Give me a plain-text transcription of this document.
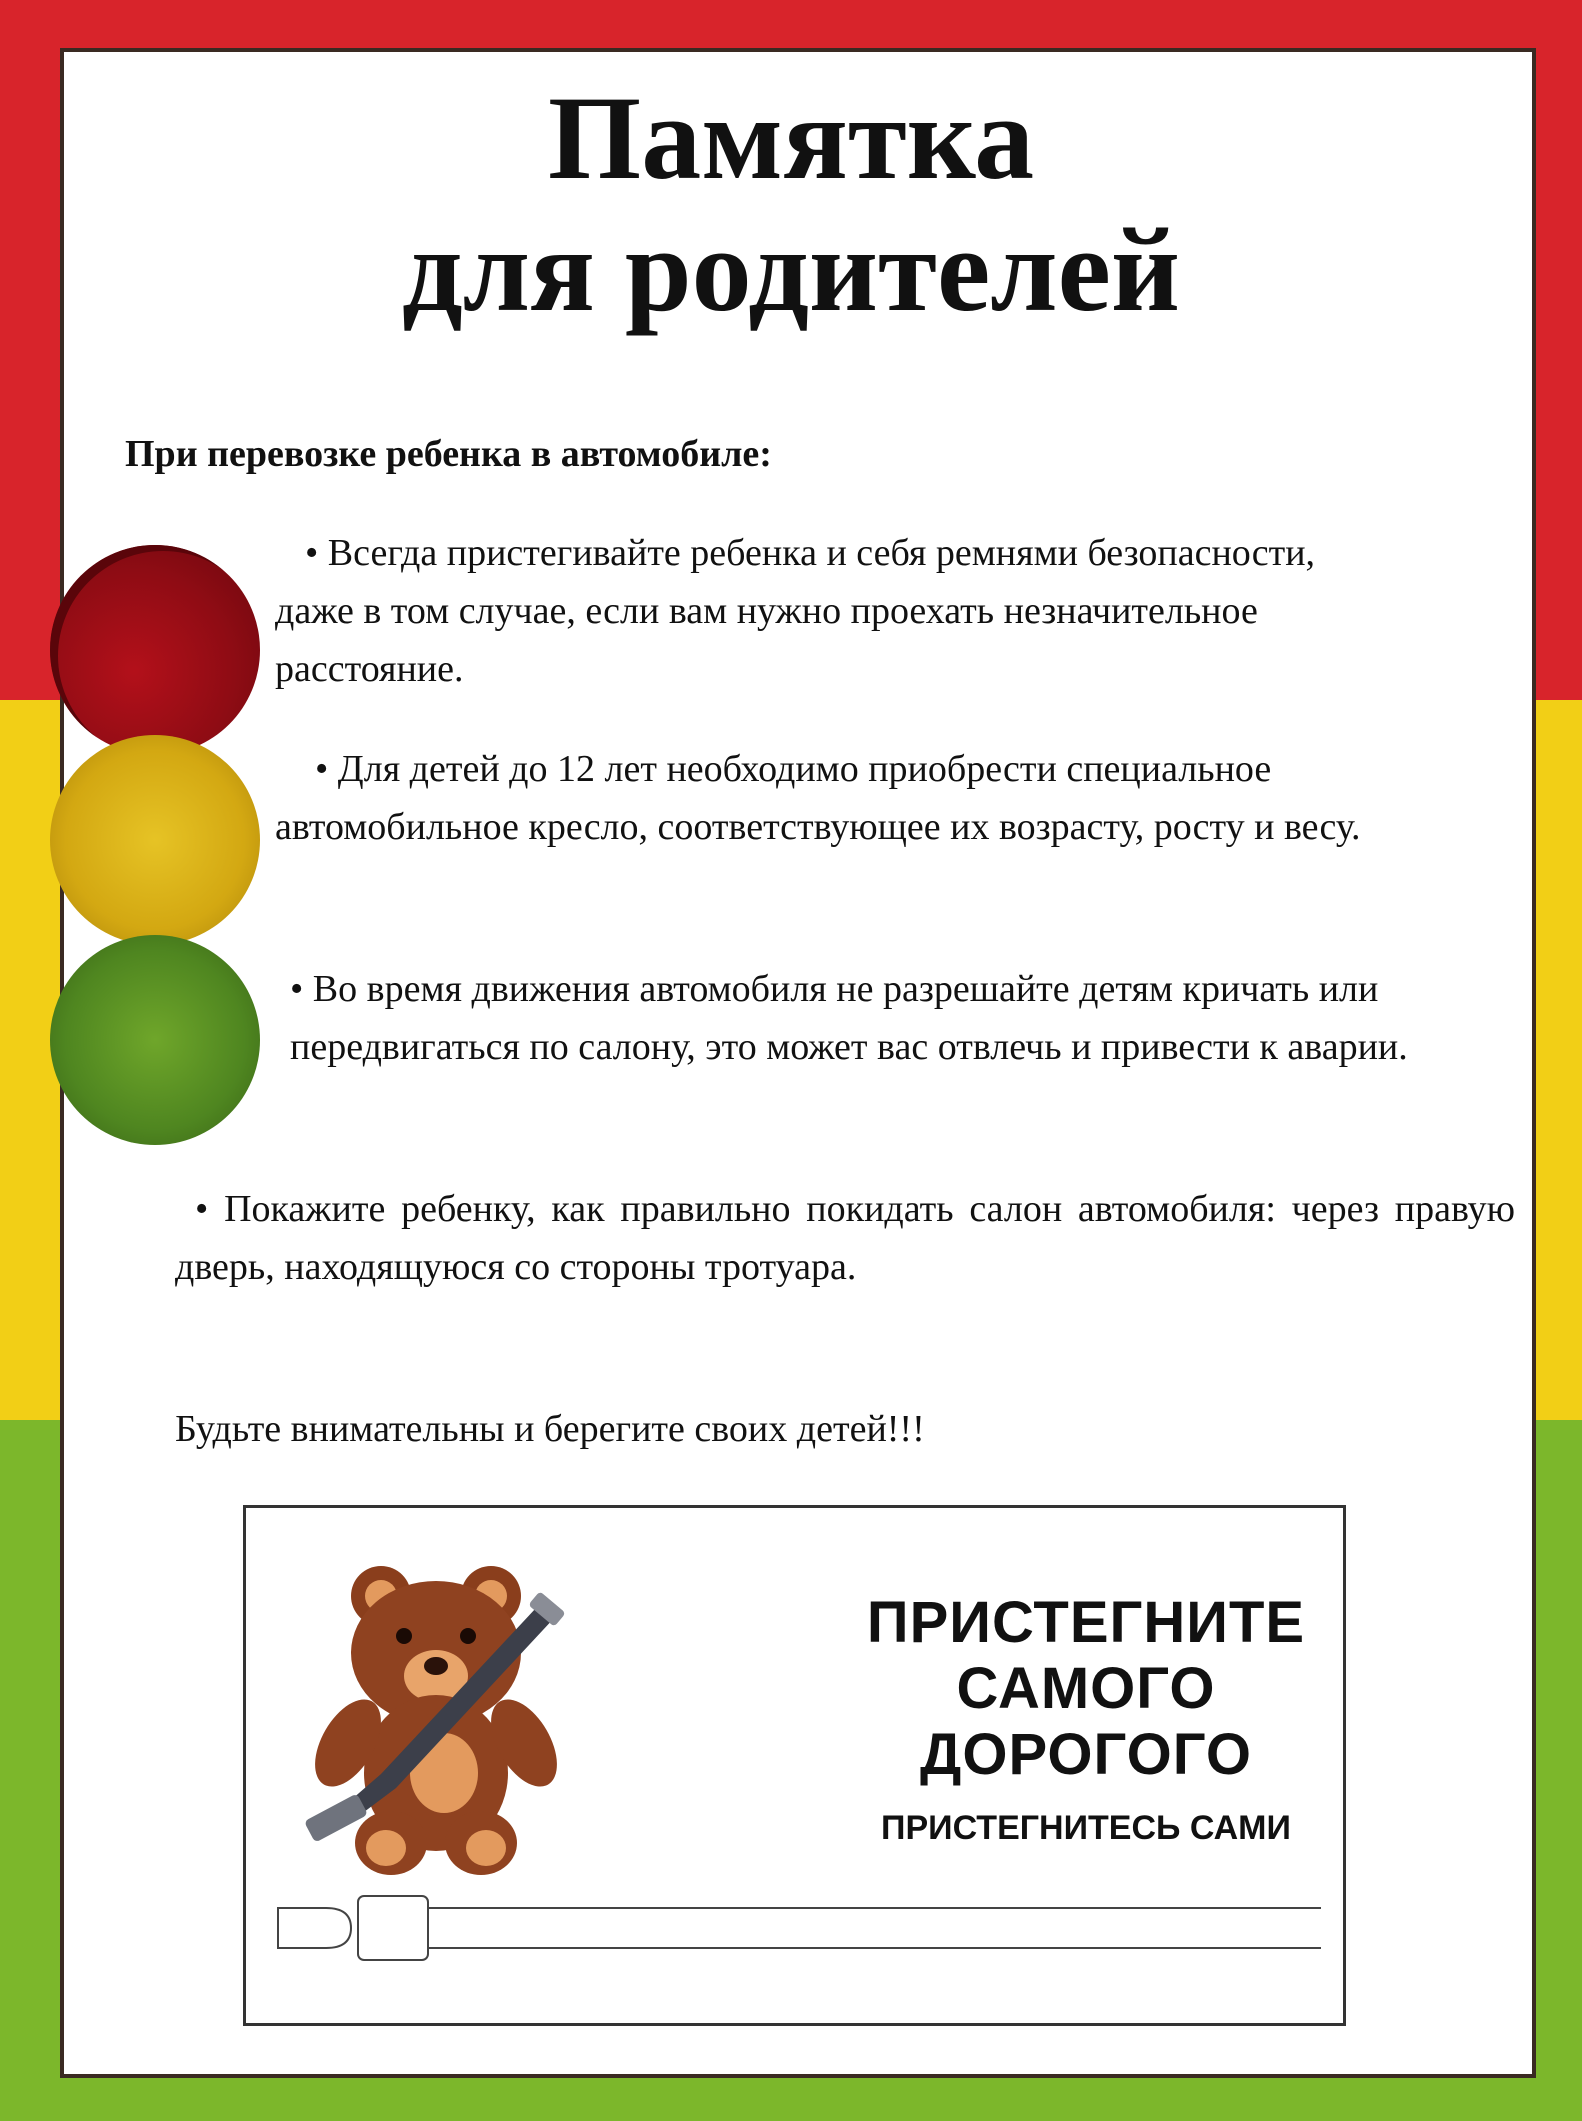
Памятка
для родителей

При перевозке ребенка в автомобиле:

• Всегда пристегивайте ребенка и себя ремнями безопасности, даже в том случае, если вам нужно проехать незначительное расстояние.

• Для детей до 12 лет необходимо приобрести специальное автомобильное кресло, соответствующее их возрасту, росту и весу.

• Во время движения автомобиля не разрешайте детям кричать или передвигаться по салону, это может вас отвлечь и привести к аварии.

• Покажите ребенку, как правильно покидать салон автомобиля: через правую дверь, находящуюся со стороны тротуара.

Будьте внимательны и берегите своих детей!!!

ПРИСТЕГНИТЕ
САМОГО ДОРОГОГО
ПРИСТЕГНИТЕСЬ САМИ
